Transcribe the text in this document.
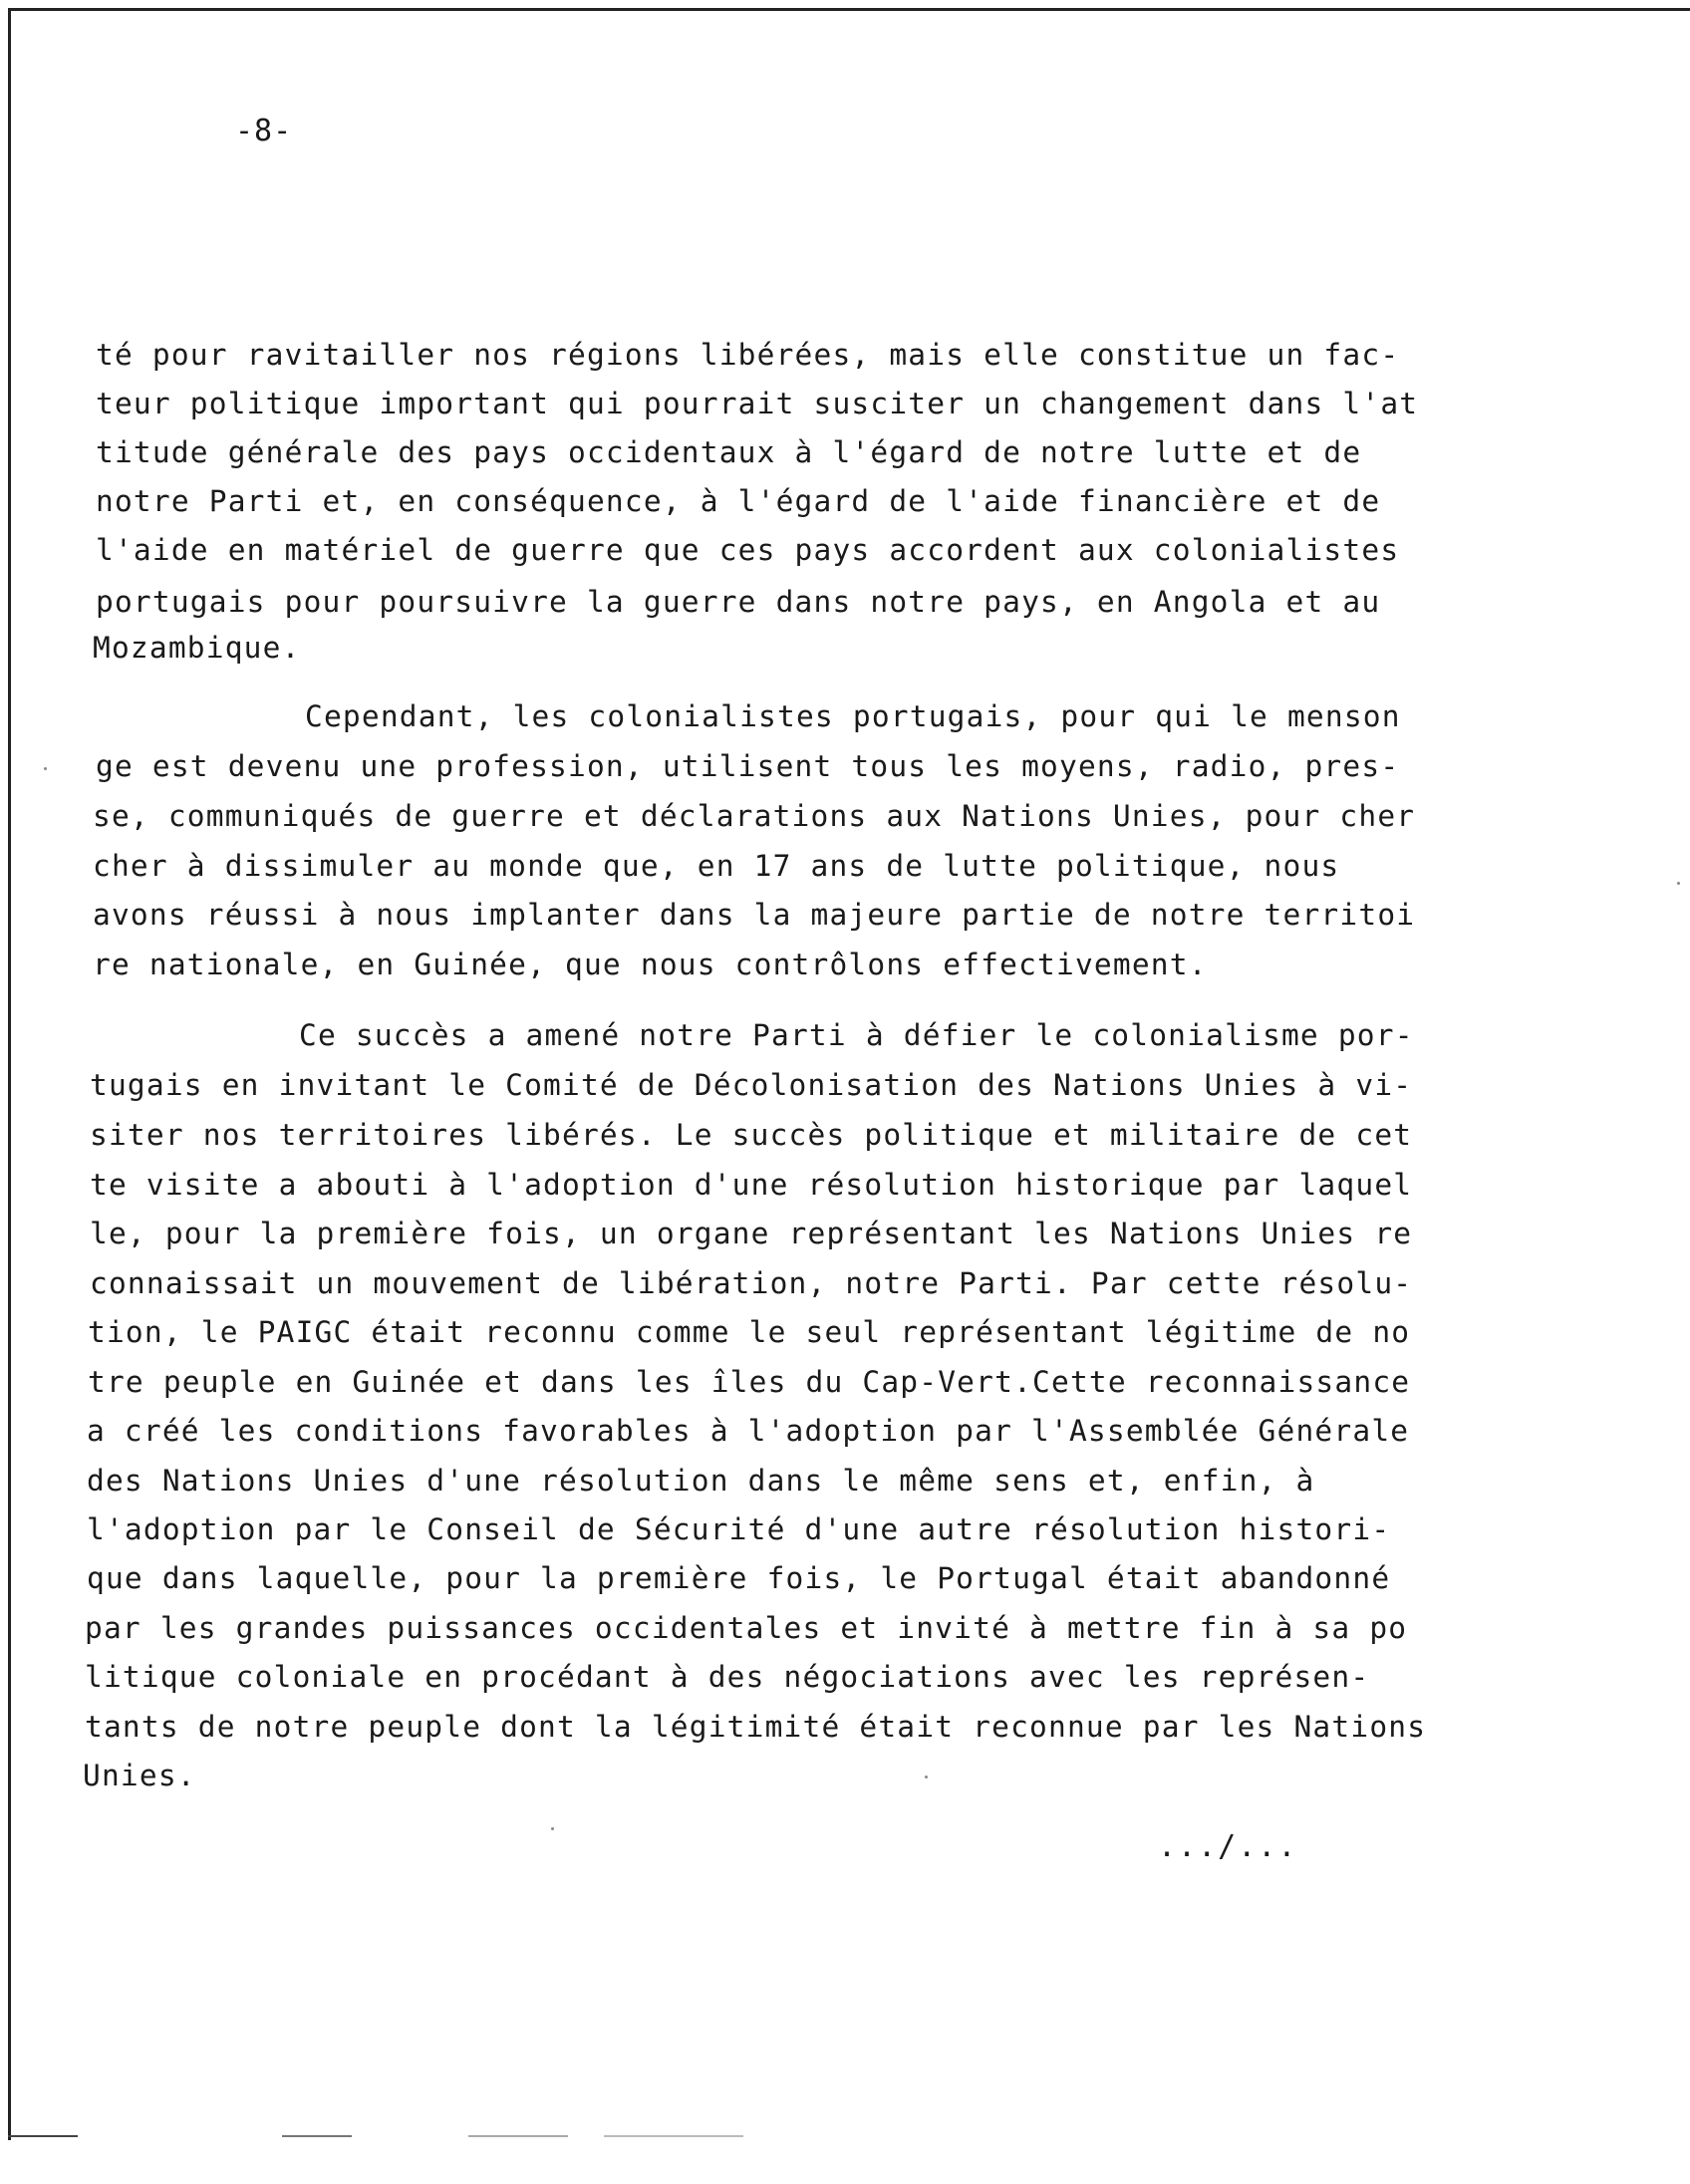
-8-
té pour ravitailler nos régions libérées, mais elle constitue un fac-
teur politique important qui pourrait susciter un changement dans l'at
titude générale des pays occidentaux à l'égard de notre lutte et de
notre Parti et, en conséquence, à l'égard de l'aide financière et de
l'aide en matériel de guerre que ces pays accordent aux colonialistes
portugais pour poursuivre la guerre dans notre pays, en Angola et au
Mozambique.
Cependant, les colonialistes portugais, pour qui le menson
ge est devenu une profession, utilisent tous les moyens, radio, pres-
se, communiqués de guerre et déclarations aux Nations Unies, pour cher
cher à dissimuler au monde que, en 17 ans de lutte politique, nous
avons réussi à nous implanter dans la majeure partie de notre territoi
re nationale, en Guinée, que nous contrôlons effectivement.
Ce succès a amené notre Parti à défier le colonialisme por-
tugais en invitant le Comité de Décolonisation des Nations Unies à vi-
siter nos territoires libérés. Le succès politique et militaire de cet
te visite a abouti à l'adoption d'une résolution historique par laquel
le, pour la première fois, un organe représentant les Nations Unies re
connaissait un mouvement de libération, notre Parti. Par cette résolu-
tion, le PAIGC était reconnu comme le seul représentant légitime de no
tre peuple en Guinée et dans les îles du Cap-Vert.Cette reconnaissance
a créé les conditions favorables à l'adoption par l'Assemblée Générale
des Nations Unies d'une résolution dans le même sens et, enfin, à
l'adoption par le Conseil de Sécurité d'une autre résolution histori-
que dans laquelle, pour la première fois, le Portugal était abandonné
par les grandes puissances occidentales et invité à mettre fin à sa po
litique coloniale en procédant à des négociations avec les représen-
tants de notre peuple dont la légitimité était reconnue par les Nations
Unies.
.../...
